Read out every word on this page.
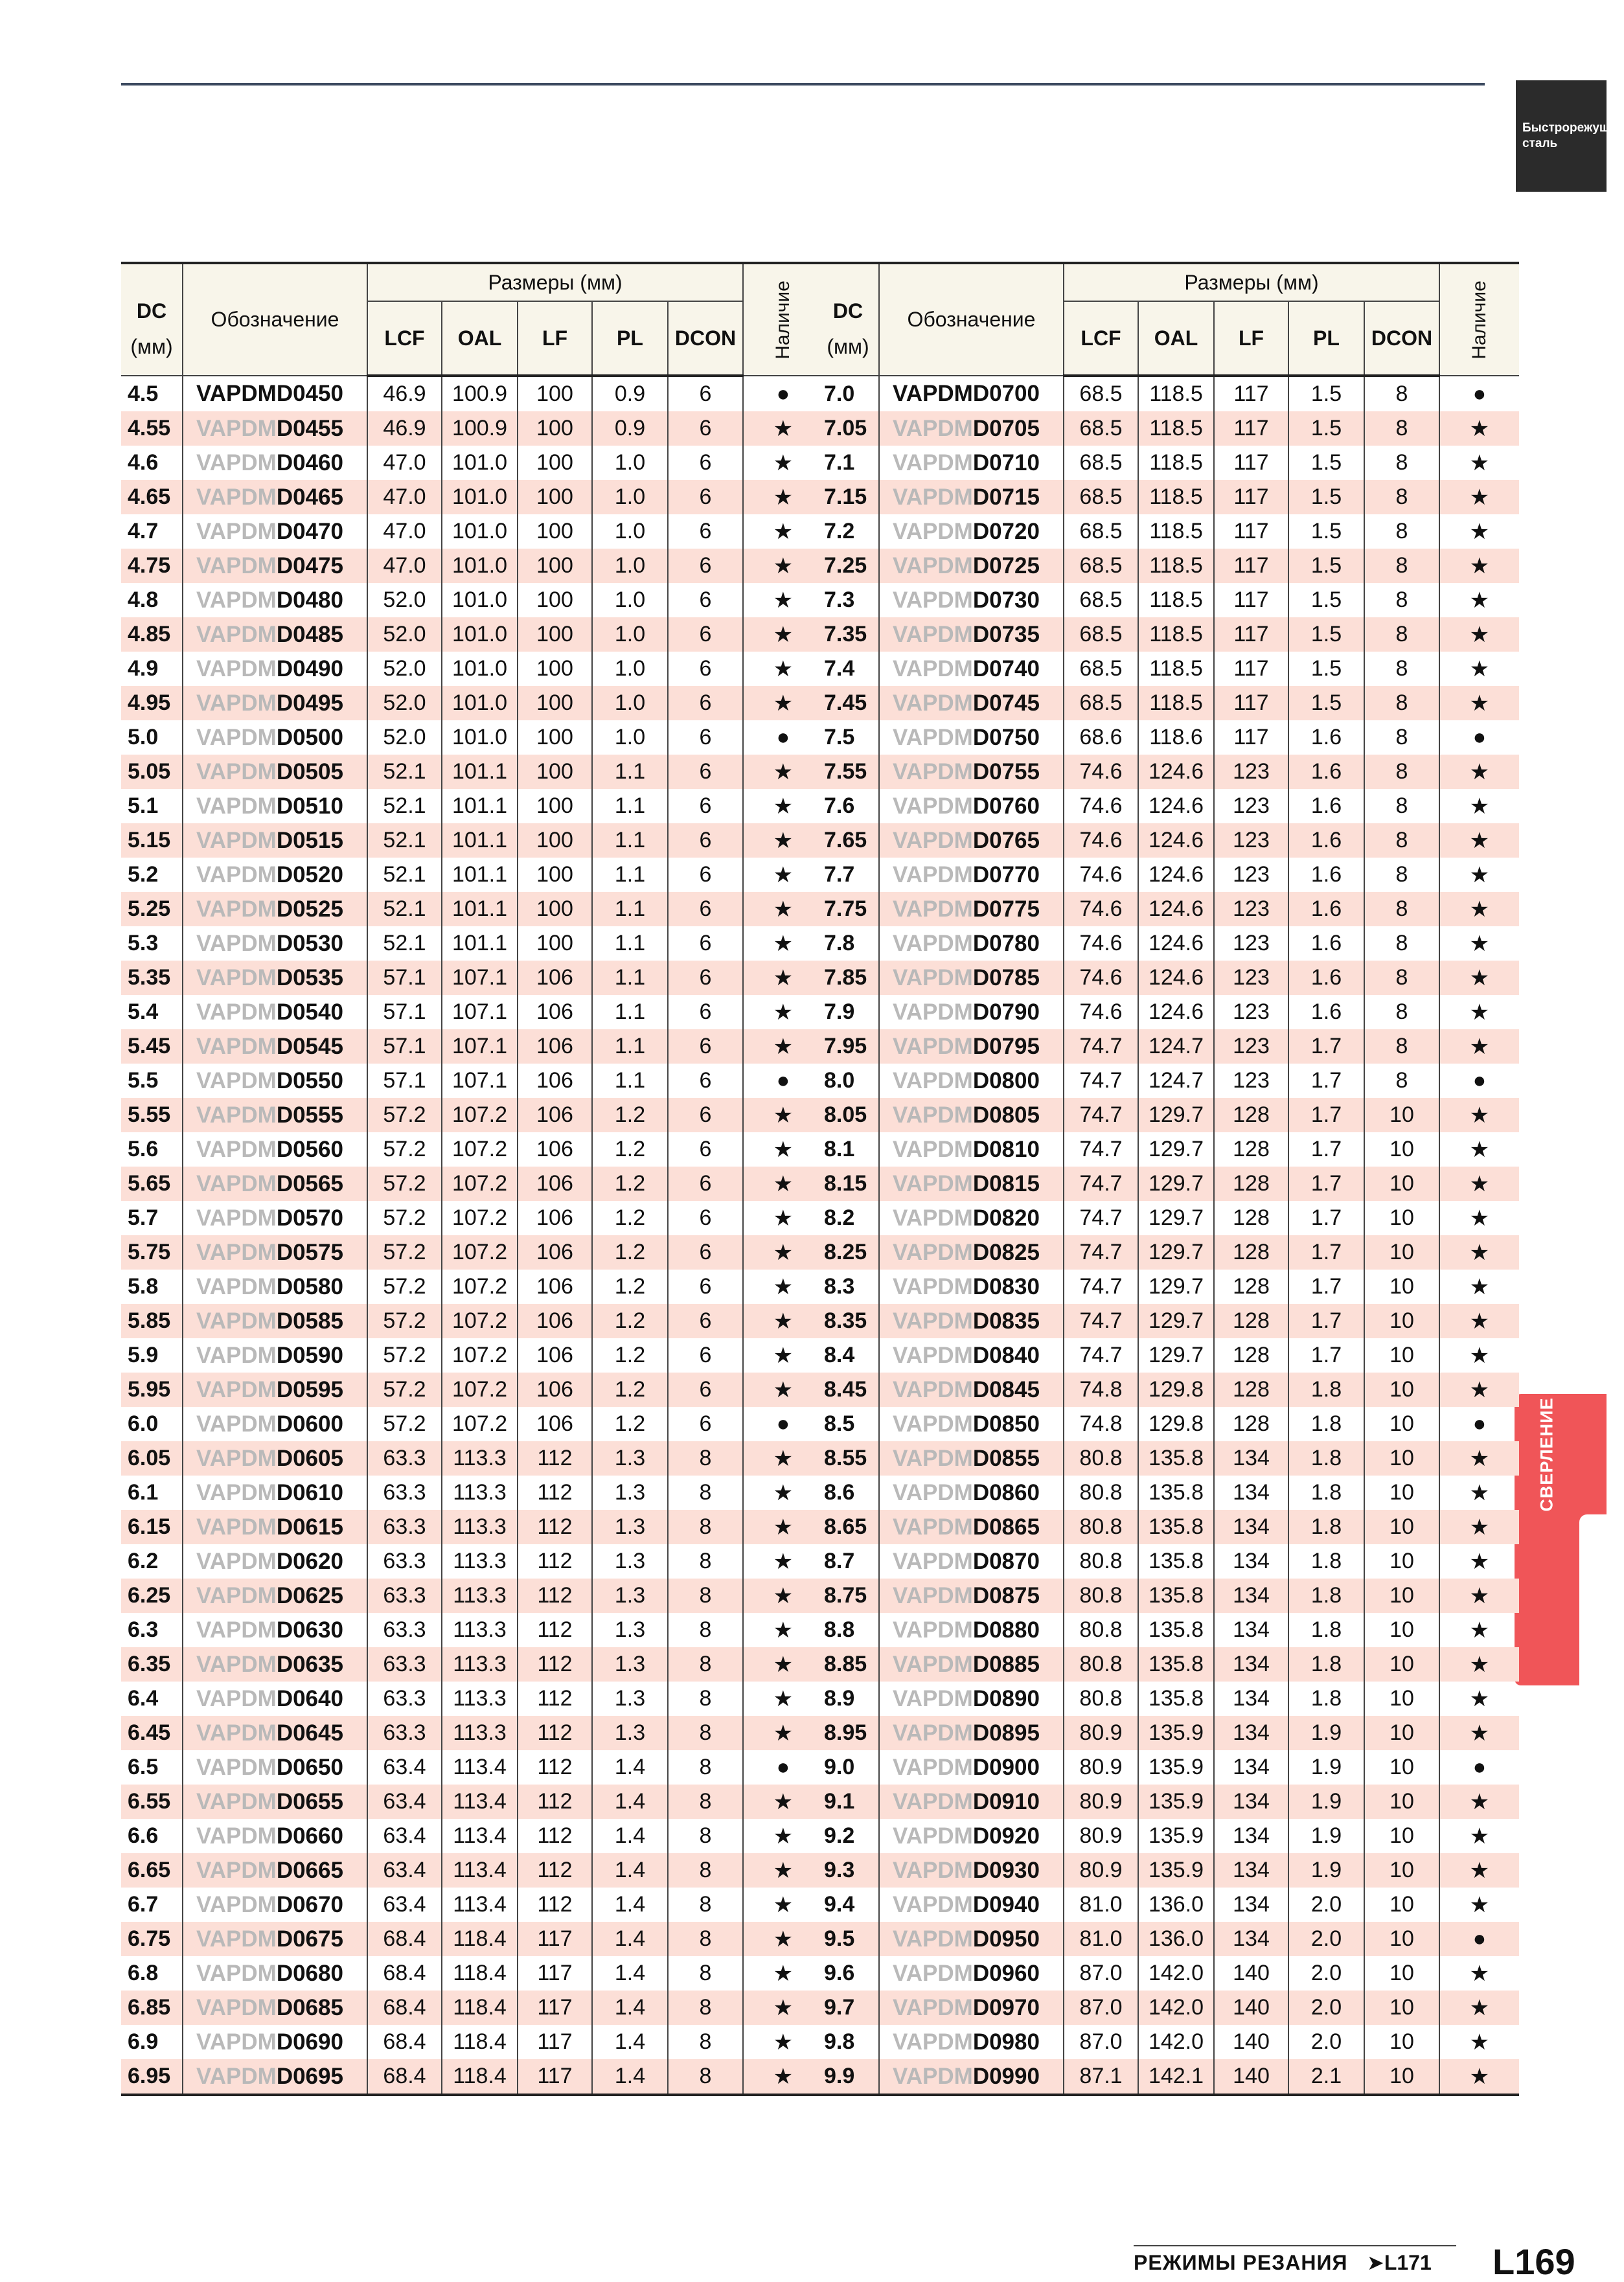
Быстрорежущая
сталь
СВЕРЛЕНИЕ
DC
(мм)	Обозначение	Размеры (мм)					Наличие
		LCF	OAL	LF	PL	DCON	
4.5	VAPDMD0450	46.9	100.9	100	0.9	6	●
4.55	VAPDMD0455	46.9	100.9	100	0.9	6	★
4.6	VAPDMD0460	47.0	101.0	100	1.0	6	★
4.65	VAPDMD0465	47.0	101.0	100	1.0	6	★
4.7	VAPDMD0470	47.0	101.0	100	1.0	6	★
4.75	VAPDMD0475	47.0	101.0	100	1.0	6	★
4.8	VAPDMD0480	52.0	101.0	100	1.0	6	★
4.85	VAPDMD0485	52.0	101.0	100	1.0	6	★
4.9	VAPDMD0490	52.0	101.0	100	1.0	6	★
4.95	VAPDMD0495	52.0	101.0	100	1.0	6	★
5.0	VAPDMD0500	52.0	101.0	100	1.0	6	●
5.05	VAPDMD0505	52.1	101.1	100	1.1	6	★
5.1	VAPDMD0510	52.1	101.1	100	1.1	6	★
5.15	VAPDMD0515	52.1	101.1	100	1.1	6	★
5.2	VAPDMD0520	52.1	101.1	100	1.1	6	★
5.25	VAPDMD0525	52.1	101.1	100	1.1	6	★
5.3	VAPDMD0530	52.1	101.1	100	1.1	6	★
5.35	VAPDMD0535	57.1	107.1	106	1.1	6	★
5.4	VAPDMD0540	57.1	107.1	106	1.1	6	★
5.45	VAPDMD0545	57.1	107.1	106	1.1	6	★
5.5	VAPDMD0550	57.1	107.1	106	1.1	6	●
5.55	VAPDMD0555	57.2	107.2	106	1.2	6	★
5.6	VAPDMD0560	57.2	107.2	106	1.2	6	★
5.65	VAPDMD0565	57.2	107.2	106	1.2	6	★
5.7	VAPDMD0570	57.2	107.2	106	1.2	6	★
5.75	VAPDMD0575	57.2	107.2	106	1.2	6	★
5.8	VAPDMD0580	57.2	107.2	106	1.2	6	★
5.85	VAPDMD0585	57.2	107.2	106	1.2	6	★
5.9	VAPDMD0590	57.2	107.2	106	1.2	6	★
5.95	VAPDMD0595	57.2	107.2	106	1.2	6	★
6.0	VAPDMD0600	57.2	107.2	106	1.2	6	●
6.05	VAPDMD0605	63.3	113.3	112	1.3	8	★
6.1	VAPDMD0610	63.3	113.3	112	1.3	8	★
6.15	VAPDMD0615	63.3	113.3	112	1.3	8	★
6.2	VAPDMD0620	63.3	113.3	112	1.3	8	★
6.25	VAPDMD0625	63.3	113.3	112	1.3	8	★
6.3	VAPDMD0630	63.3	113.3	112	1.3	8	★
6.35	VAPDMD0635	63.3	113.3	112	1.3	8	★
6.4	VAPDMD0640	63.3	113.3	112	1.3	8	★
6.45	VAPDMD0645	63.3	113.3	112	1.3	8	★
6.5	VAPDMD0650	63.4	113.4	112	1.4	8	●
6.55	VAPDMD0655	63.4	113.4	112	1.4	8	★
6.6	VAPDMD0660	63.4	113.4	112	1.4	8	★
6.65	VAPDMD0665	63.4	113.4	112	1.4	8	★
6.7	VAPDMD0670	63.4	113.4	112	1.4	8	★
6.75	VAPDMD0675	68.4	118.4	117	1.4	8	★
6.8	VAPDMD0680	68.4	118.4	117	1.4	8	★
6.85	VAPDMD0685	68.4	118.4	117	1.4	8	★
6.9	VAPDMD0690	68.4	118.4	117	1.4	8	★
6.95	VAPDMD0695	68.4	118.4	117	1.4	8	★
DC
(мм)	Обозначение	Размеры (мм)					Наличие
		LCF	OAL	LF	PL	DCON	
7.0	VAPDMD0700	68.5	118.5	117	1.5	8	●
7.05	VAPDMD0705	68.5	118.5	117	1.5	8	★
7.1	VAPDMD0710	68.5	118.5	117	1.5	8	★
7.15	VAPDMD0715	68.5	118.5	117	1.5	8	★
7.2	VAPDMD0720	68.5	118.5	117	1.5	8	★
7.25	VAPDMD0725	68.5	118.5	117	1.5	8	★
7.3	VAPDMD0730	68.5	118.5	117	1.5	8	★
7.35	VAPDMD0735	68.5	118.5	117	1.5	8	★
7.4	VAPDMD0740	68.5	118.5	117	1.5	8	★
7.45	VAPDMD0745	68.5	118.5	117	1.5	8	★
7.5	VAPDMD0750	68.6	118.6	117	1.6	8	●
7.55	VAPDMD0755	74.6	124.6	123	1.6	8	★
7.6	VAPDMD0760	74.6	124.6	123	1.6	8	★
7.65	VAPDMD0765	74.6	124.6	123	1.6	8	★
7.7	VAPDMD0770	74.6	124.6	123	1.6	8	★
7.75	VAPDMD0775	74.6	124.6	123	1.6	8	★
7.8	VAPDMD0780	74.6	124.6	123	1.6	8	★
7.85	VAPDMD0785	74.6	124.6	123	1.6	8	★
7.9	VAPDMD0790	74.6	124.6	123	1.6	8	★
7.95	VAPDMD0795	74.7	124.7	123	1.7	8	★
8.0	VAPDMD0800	74.7	124.7	123	1.7	8	●
8.05	VAPDMD0805	74.7	129.7	128	1.7	10	★
8.1	VAPDMD0810	74.7	129.7	128	1.7	10	★
8.15	VAPDMD0815	74.7	129.7	128	1.7	10	★
8.2	VAPDMD0820	74.7	129.7	128	1.7	10	★
8.25	VAPDMD0825	74.7	129.7	128	1.7	10	★
8.3	VAPDMD0830	74.7	129.7	128	1.7	10	★
8.35	VAPDMD0835	74.7	129.7	128	1.7	10	★
8.4	VAPDMD0840	74.7	129.7	128	1.7	10	★
8.45	VAPDMD0845	74.8	129.8	128	1.8	10	★
8.5	VAPDMD0850	74.8	129.8	128	1.8	10	●
8.55	VAPDMD0855	80.8	135.8	134	1.8	10	★
8.6	VAPDMD0860	80.8	135.8	134	1.8	10	★
8.65	VAPDMD0865	80.8	135.8	134	1.8	10	★
8.7	VAPDMD0870	80.8	135.8	134	1.8	10	★
8.75	VAPDMD0875	80.8	135.8	134	1.8	10	★
8.8	VAPDMD0880	80.8	135.8	134	1.8	10	★
8.85	VAPDMD0885	80.8	135.8	134	1.8	10	★
8.9	VAPDMD0890	80.8	135.8	134	1.8	10	★
8.95	VAPDMD0895	80.9	135.9	134	1.9	10	★
9.0	VAPDMD0900	80.9	135.9	134	1.9	10	●
9.1	VAPDMD0910	80.9	135.9	134	1.9	10	★
9.2	VAPDMD0920	80.9	135.9	134	1.9	10	★
9.3	VAPDMD0930	80.9	135.9	134	1.9	10	★
9.4	VAPDMD0940	81.0	136.0	134	2.0	10	★
9.5	VAPDMD0950	81.0	136.0	134	2.0	10	●
9.6	VAPDMD0960	87.0	142.0	140	2.0	10	★
9.7	VAPDMD0970	87.0	142.0	140	2.0	10	★
9.8	VAPDMD0980	87.0	142.0	140	2.0	10	★
9.9	VAPDMD0990	87.1	142.1	140	2.1	10	★
РЕЖИМЫ РЕЗАНИЯ ➤L171 L169
